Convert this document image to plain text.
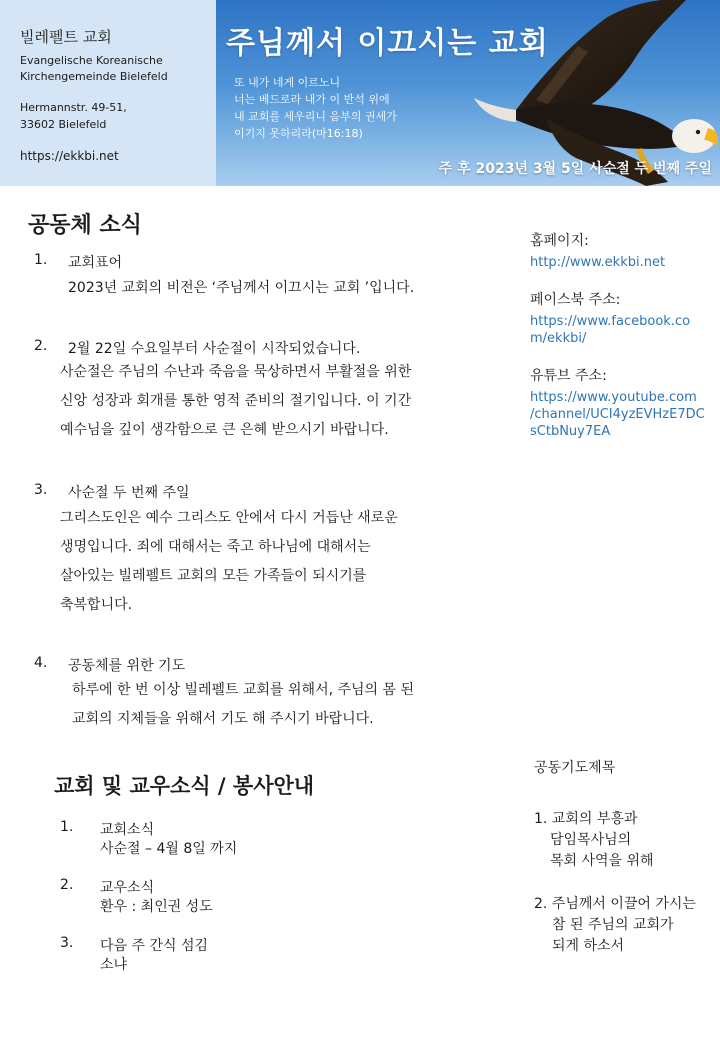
빌레펠트 교회
Evangelische Koreanische
Kirchengemeinde Bielefeld
Hermannstr. 49-51,
33602 Bielefeld
https://ekkbi.net
주님께서 이끄시는 교회
또 내가 네게 이르노니
너는 베드로라 내가 이 반석 위에
내 교회를 세우리니 음부의 권세가
이기지 못하리라(마16:18)
주 후 2023년 3월 5일 사순절 두 번째 주일
공동체 소식
1. 교회표어
2023년 교회의 비전은 ‘주님께서 이끄시는 교회 ’입니다.
2. 2월 22일 수요일부터 사순절이 시작되었습니다.
사순절은 주님의 수난과 죽음을 묵상하면서 부활절을 위한
신앙 성장과 회개를 통한 영적 준비의 절기입니다. 이 기간
예수님을 깊이 생각함으로 큰 은혜 받으시기 바랍니다.
3. 사순절 두 번째 주일
그리스도인은 예수 그리스도 안에서 다시 거듭난 새로운
생명입니다. 죄에 대해서는 죽고 하나님에 대해서는
살아있는 빌레펠트 교회의 모든 가족들이 되시기를
축복합니다.
4. 공동체를 위한 기도
하루에 한 번 이상 빌레펠트 교회를 위해서, 주님의 몸 된
교회의 지체들을 위해서 기도 해 주시기 바랍니다.
교회 및 교우소식 / 봉사안내
1. 교회소식
사순절 – 4월 8일 까지
2. 교우소식
환우 : 최인권 성도
3. 다음 주 간식 섬김
소냐
홈페이지:
http://www.ekkbi.net
페이스북 주소:
https://www.facebook.co
m/ekkbi/
유튜브 주소:
https://www.youtube.com
/channel/UCI4yzEVHzE7DC
sCtbNuy7EA
공동기도제목
1. 교회의 부흥과
담임목사님의
목회 사역을 위해
2. 주님께서 이끌어 가시는
참 된 주님의 교회가
되게 하소서
